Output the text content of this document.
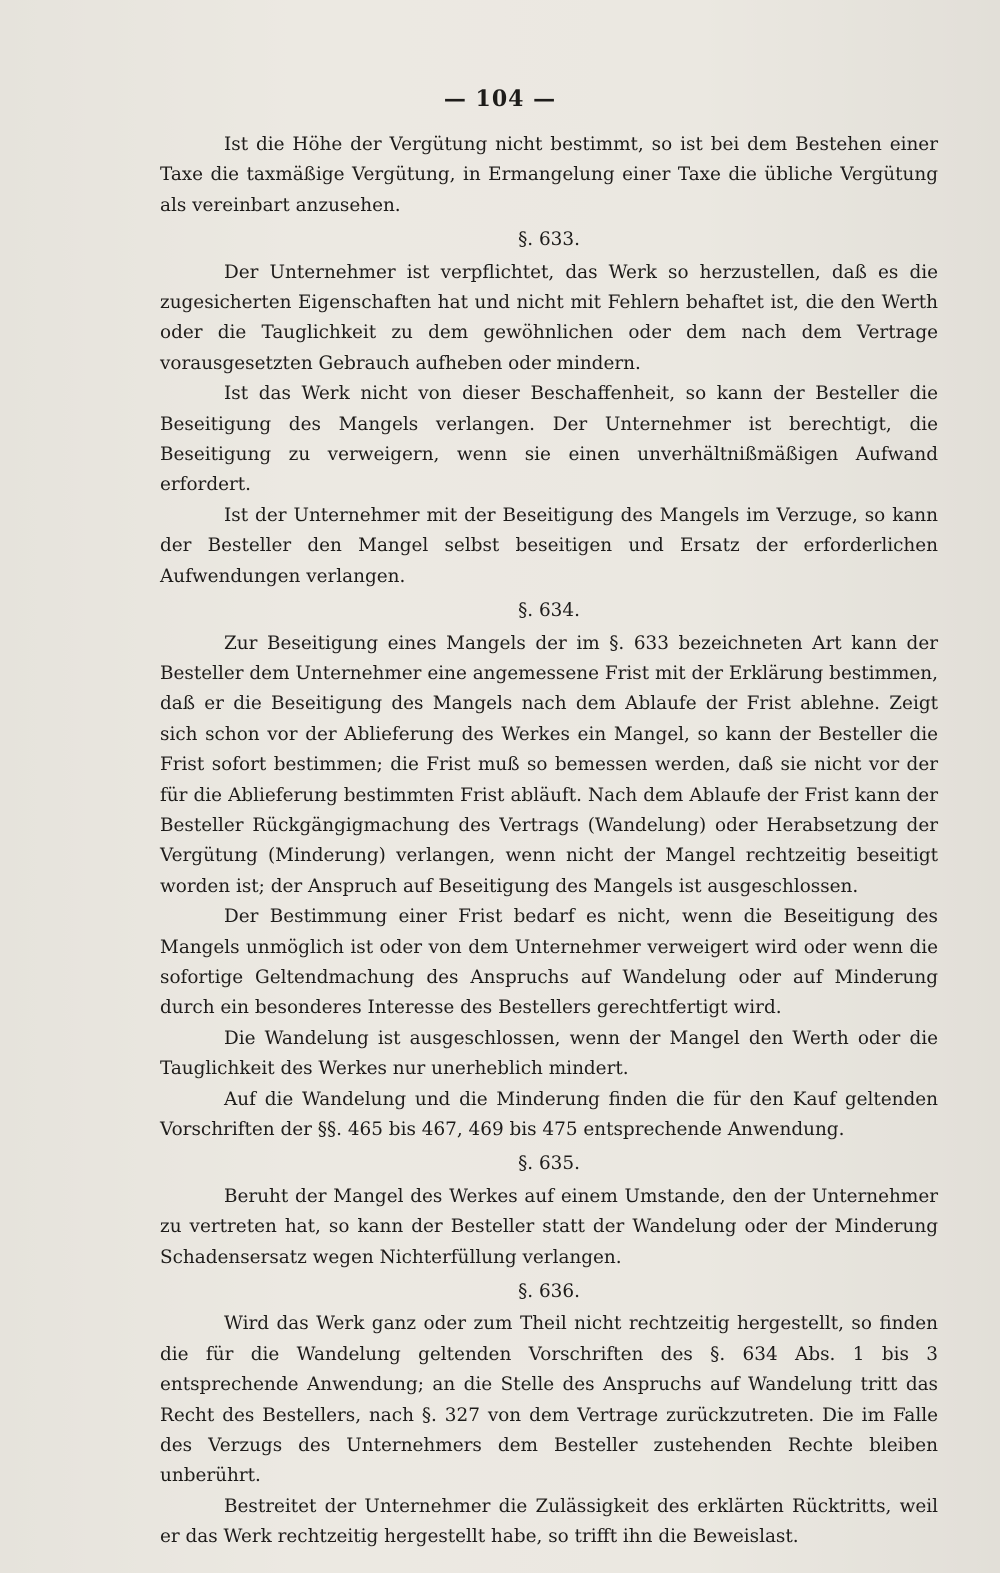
— 104 —

Ist die Höhe der Vergütung nicht bestimmt, so ist bei dem Bestehen einer Taxe die taxmäßige Vergütung, in Ermangelung einer Taxe die übliche Vergütung als vereinbart anzusehen.

§. 633.

Der Unternehmer ist verpflichtet, das Werk so herzustellen, daß es die zugesicherten Eigenschaften hat und nicht mit Fehlern behaftet ist, die den Werth oder die Tauglichkeit zu dem gewöhnlichen oder dem nach dem Vertrage vorausgesetzten Gebrauch aufheben oder mindern.

Ist das Werk nicht von dieser Beschaffenheit, so kann der Besteller die Beseitigung des Mangels verlangen. Der Unternehmer ist berechtigt, die Beseitigung zu verweigern, wenn sie einen unverhältnißmäßigen Aufwand erfordert.

Ist der Unternehmer mit der Beseitigung des Mangels im Verzuge, so kann der Besteller den Mangel selbst beseitigen und Ersatz der erforderlichen Aufwendungen verlangen.

§. 634.

Zur Beseitigung eines Mangels der im §. 633 bezeichneten Art kann der Besteller dem Unternehmer eine angemessene Frist mit der Erklärung bestimmen, daß er die Beseitigung des Mangels nach dem Ablaufe der Frist ablehne. Zeigt sich schon vor der Ablieferung des Werkes ein Mangel, so kann der Besteller die Frist sofort bestimmen; die Frist muß so bemessen werden, daß sie nicht vor der für die Ablieferung bestimmten Frist abläuft. Nach dem Ablaufe der Frist kann der Besteller Rückgängigmachung des Vertrags (Wandelung) oder Herabsetzung der Vergütung (Minderung) verlangen, wenn nicht der Mangel rechtzeitig beseitigt worden ist; der Anspruch auf Beseitigung des Mangels ist ausgeschlossen.

Der Bestimmung einer Frist bedarf es nicht, wenn die Beseitigung des Mangels unmöglich ist oder von dem Unternehmer verweigert wird oder wenn die sofortige Geltendmachung des Anspruchs auf Wandelung oder auf Minderung durch ein besonderes Interesse des Bestellers gerechtfertigt wird.

Die Wandelung ist ausgeschlossen, wenn der Mangel den Werth oder die Tauglichkeit des Werkes nur unerheblich mindert.

Auf die Wandelung und die Minderung finden die für den Kauf geltenden Vorschriften der §§. 465 bis 467, 469 bis 475 entsprechende Anwendung.

§. 635.

Beruht der Mangel des Werkes auf einem Umstande, den der Unternehmer zu vertreten hat, so kann der Besteller statt der Wandelung oder der Minderung Schadensersatz wegen Nichterfüllung verlangen.

§. 636.

Wird das Werk ganz oder zum Theil nicht rechtzeitig hergestellt, so finden die für die Wandelung geltenden Vorschriften des §. 634 Abs. 1 bis 3 entsprechende Anwendung; an die Stelle des Anspruchs auf Wandelung tritt das Recht des Bestellers, nach §. 327 von dem Vertrage zurückzutreten. Die im Falle des Verzugs des Unternehmers dem Besteller zustehenden Rechte bleiben unberührt.

Bestreitet der Unternehmer die Zulässigkeit des erklärten Rücktritts, weil er das Werk rechtzeitig hergestellt habe, so trifft ihn die Beweislast.
